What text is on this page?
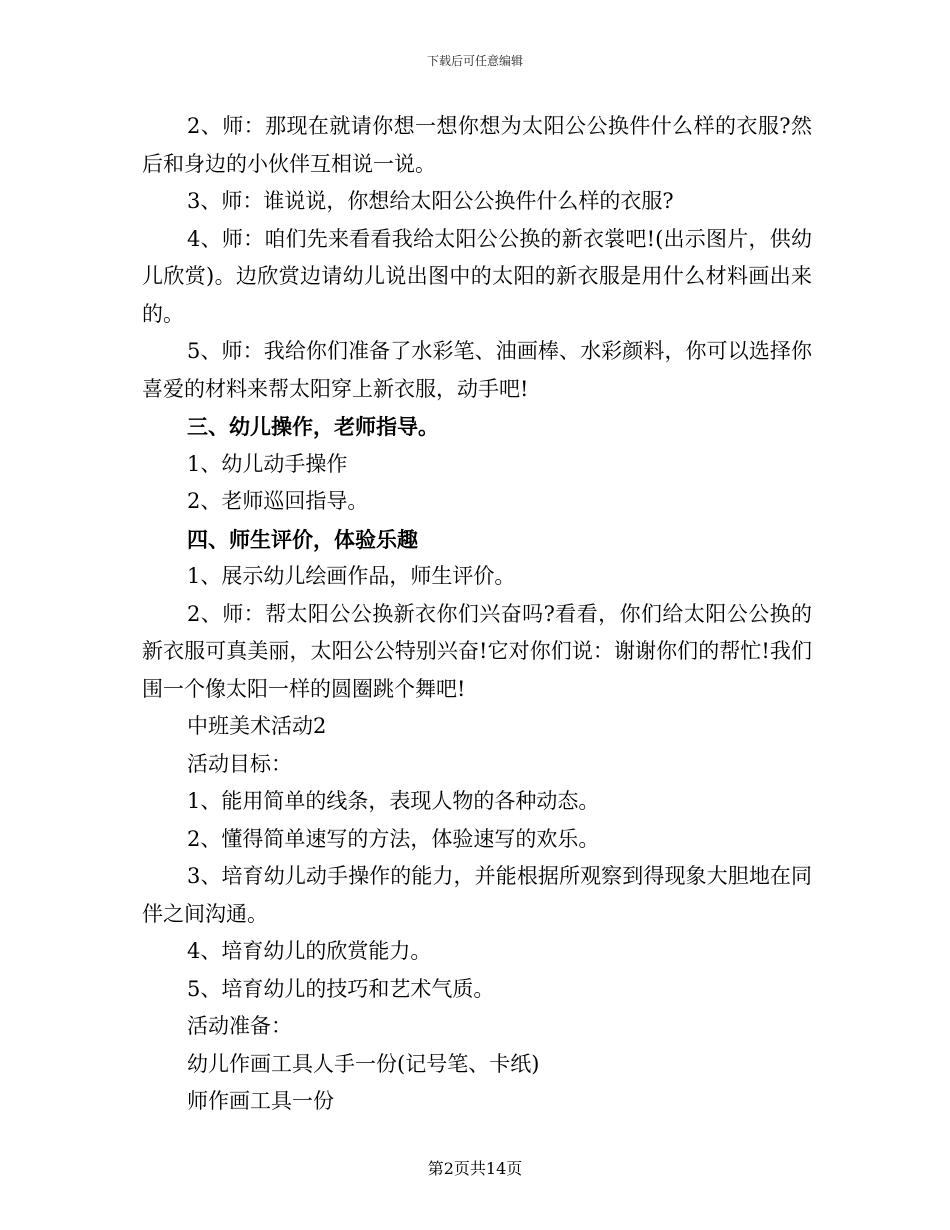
下载后可任意编辑

2、师：那现在就请你想一想你想为太阳公公换件什么样的衣服?然后和身边的小伙伴互相说一说。

3、师：谁说说，你想给太阳公公换件什么样的衣服?

4、师：咱们先来看看我给太阳公公换的新衣裳吧!(出示图片，供幼儿欣赏)。边欣赏边请幼儿说出图中的太阳的新衣服是用什么材料画出来的。

5、师：我给你们准备了水彩笔、油画棒、水彩颜料，你可以选择你喜爱的材料来帮太阳穿上新衣服，动手吧!

三、幼儿操作，老师指导。

1、幼儿动手操作

2、老师巡回指导。

四、师生评价，体验乐趣

1、展示幼儿绘画作品，师生评价。

2、师：帮太阳公公换新衣你们兴奋吗?看看，你们给太阳公公换的新衣服可真美丽，太阳公公特别兴奋!它对你们说：谢谢你们的帮忙!我们围一个像太阳一样的圆圈跳个舞吧!

中班美术活动2

活动目标：

1、能用简单的线条，表现人物的各种动态。

2、懂得简单速写的方法，体验速写的欢乐。

3、培育幼儿动手操作的能力，并能根据所观察到得现象大胆地在同伴之间沟通。

4、培育幼儿的欣赏能力。

5、培育幼儿的技巧和艺术气质。

活动准备：

幼儿作画工具人手一份(记号笔、卡纸)

师作画工具一份

第2页共14页
